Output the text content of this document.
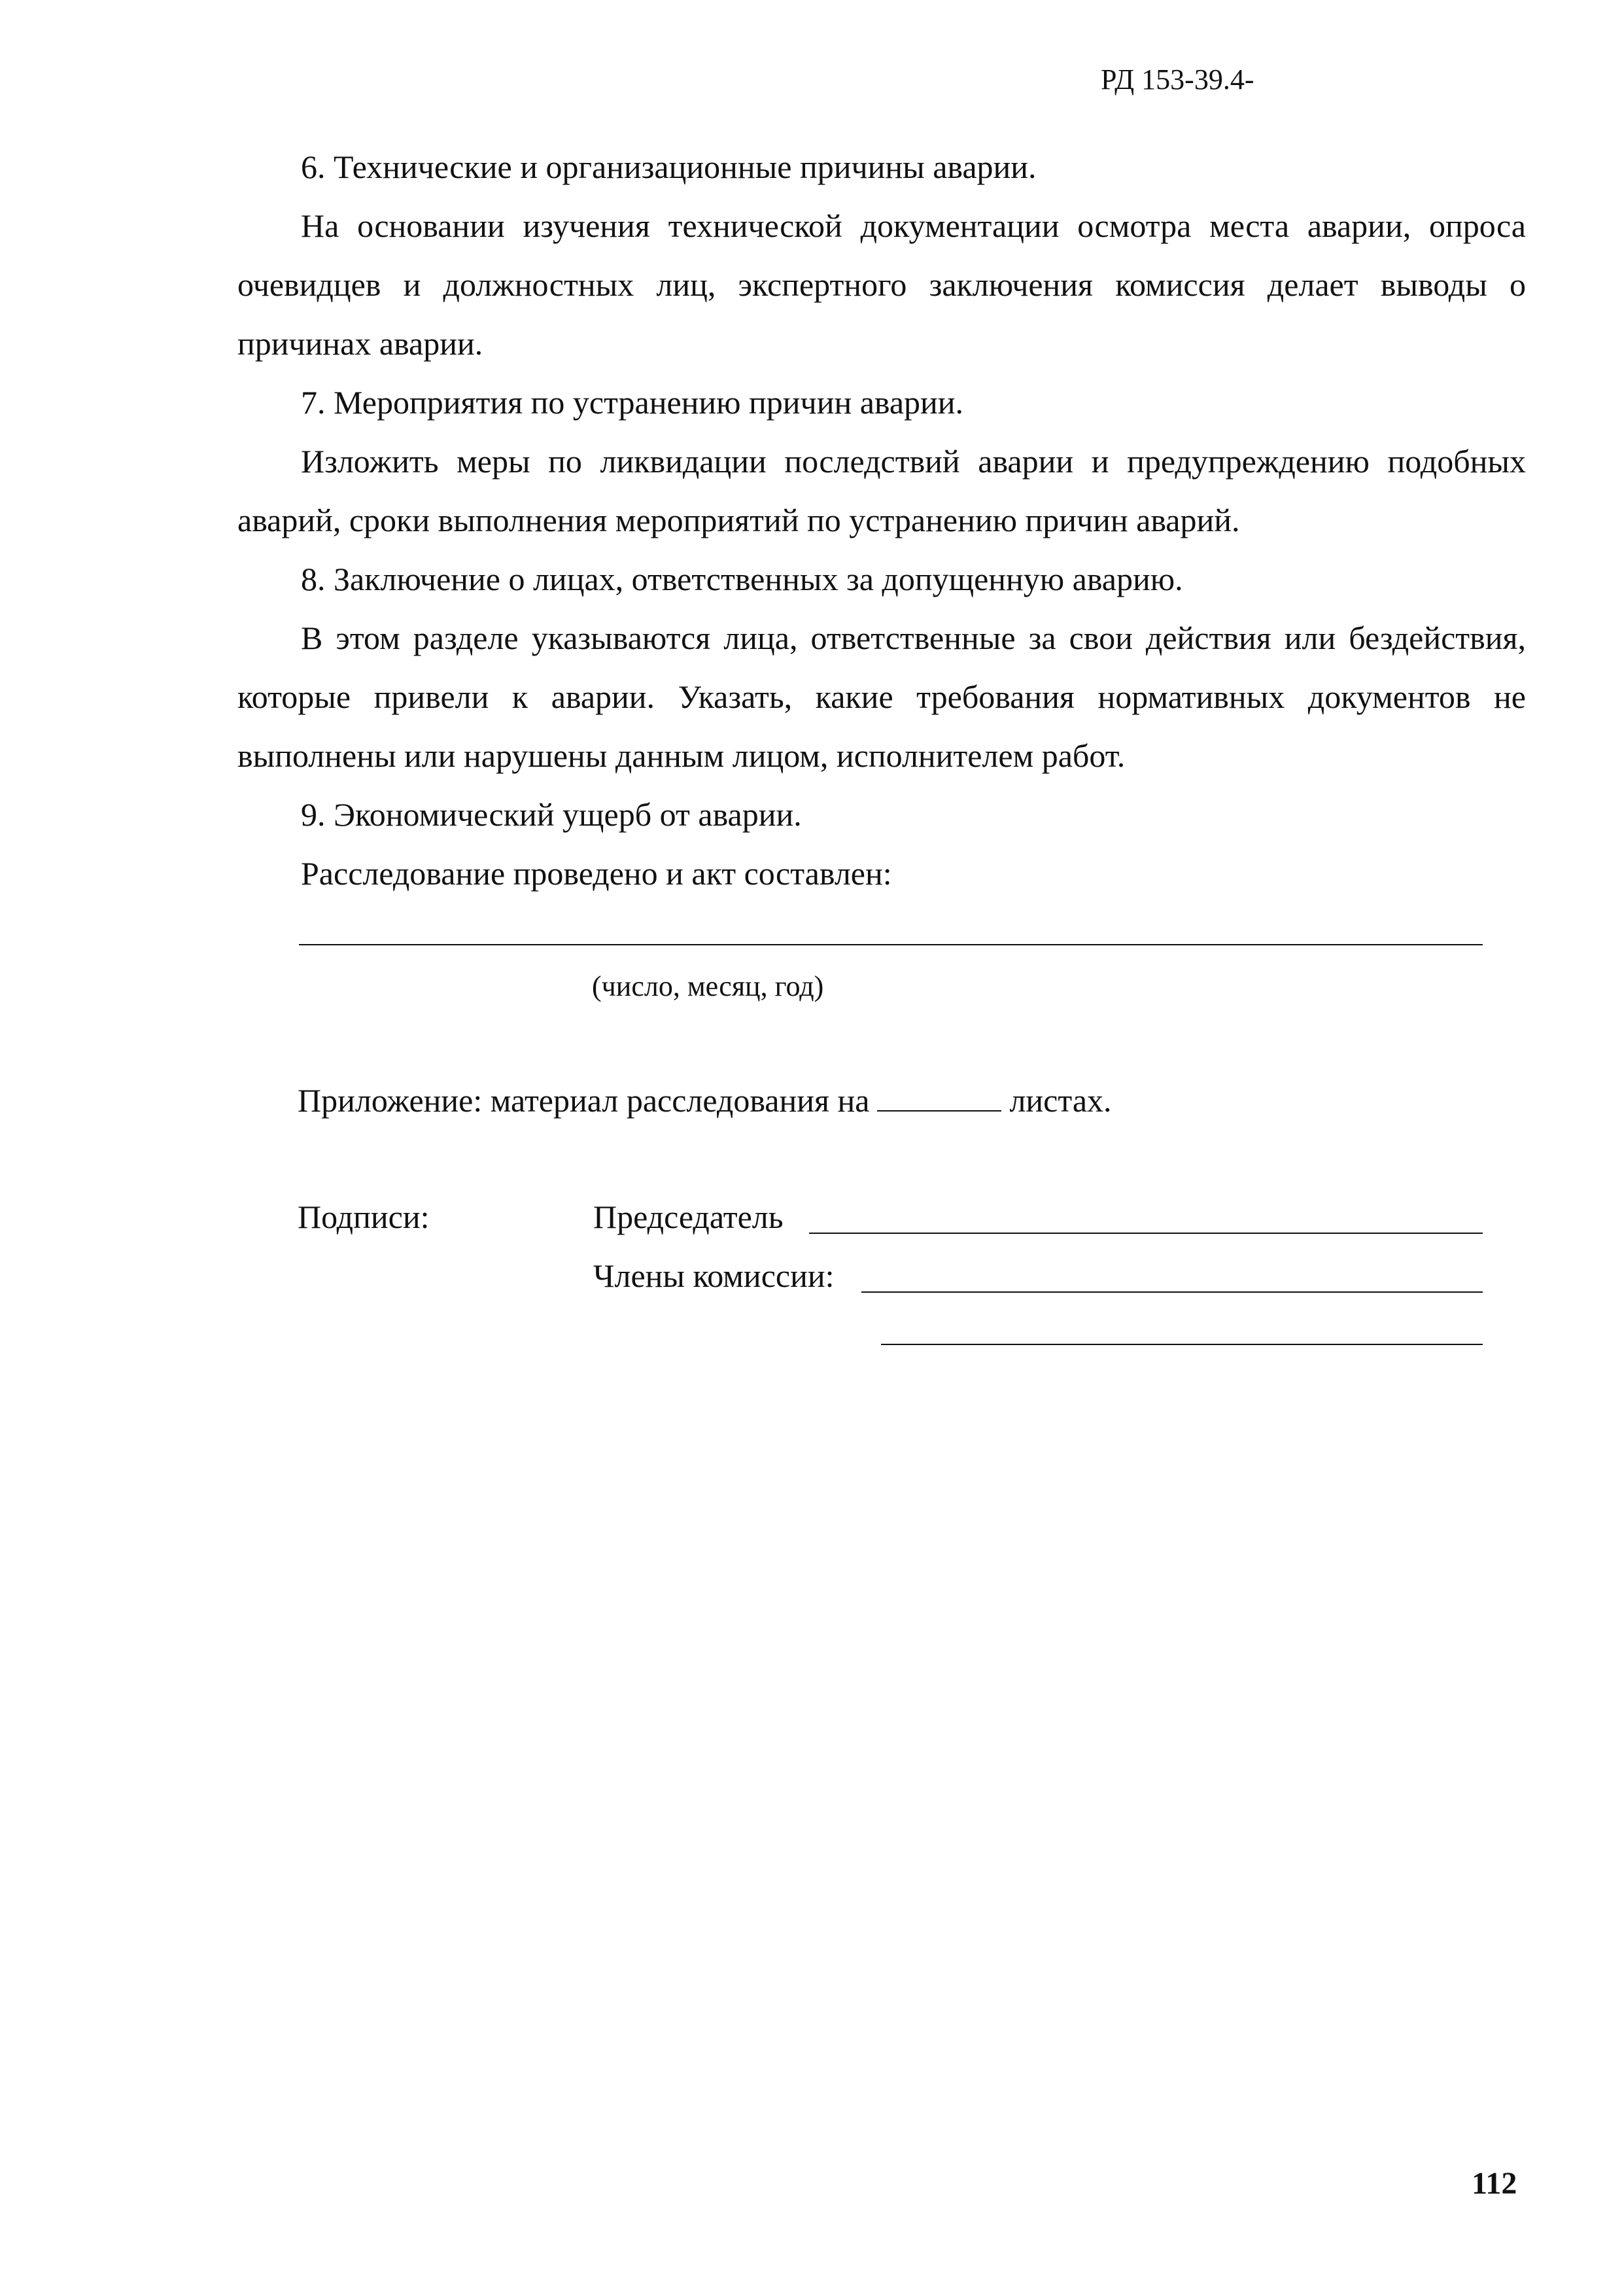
РД 153-39.4-

6. Технические и организационные причины аварии.

На основании изучения технической документации осмотра места аварии, опроса очевидцев и должностных лиц, экспертного заключения комиссия делает выводы о причинах аварии.

7. Мероприятия по устранению причин аварии.

Изложить меры по ликвидации последствий аварии и предупреждению подобных аварий, сроки выполнения мероприятий по устранению причин аварий.

8. Заключение о лицах, ответственных за допущенную аварию.

В этом разделе указываются лица, ответственные за свои действия или бездействия, которые привели к аварии. Указать, какие требования нормативных документов не выполнены или нарушены данным лицом, исполнителем работ.

9. Экономический ущерб от аварии.

Расследование проведено и акт составлен:

(число, месяц, год)
Приложение: материал расследования на	листах.
Подписи:	Председатель
Члены комиссии:
112
